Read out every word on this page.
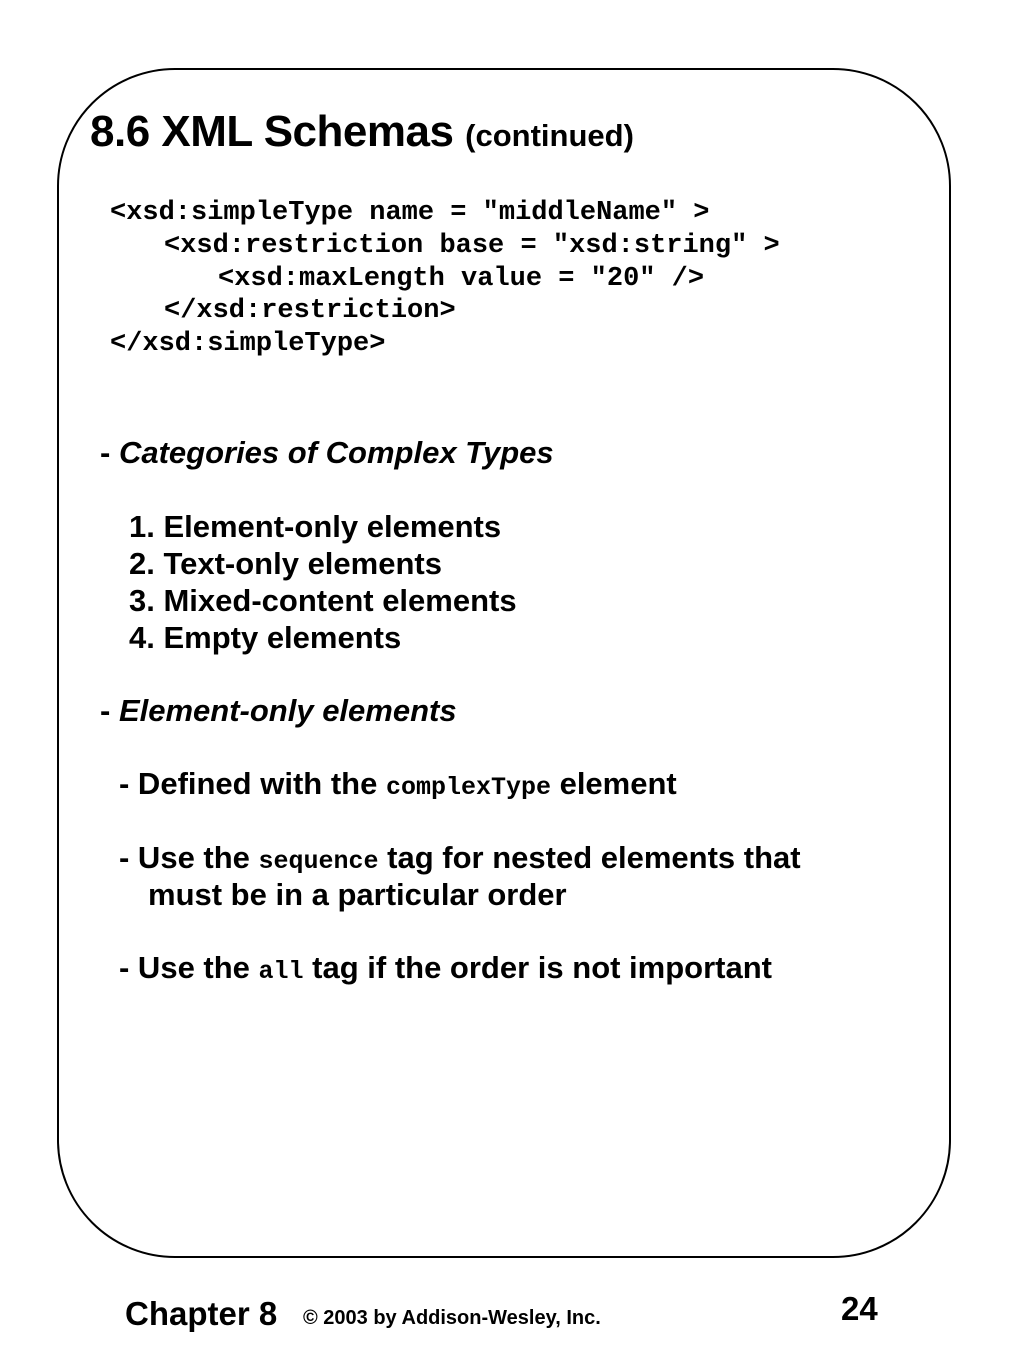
8.6 XML Schemas (continued)
<xsd:simpleType name = "middleName" >
<xsd:restriction base = "xsd:string" >
<xsd:maxLength value = "20" />
</xsd:restriction>
</xsd:simpleType>
- Categories of Complex Types
1. Element-only elements
2. Text-only elements
3. Mixed-content elements
4. Empty elements
- Element-only elements
- Defined with the complexType element
- Use the sequence tag for nested elements that
must be in a particular order
- Use the all tag if the order is not important
Chapter 8 © 2003 by Addison-Wesley, Inc.	24
